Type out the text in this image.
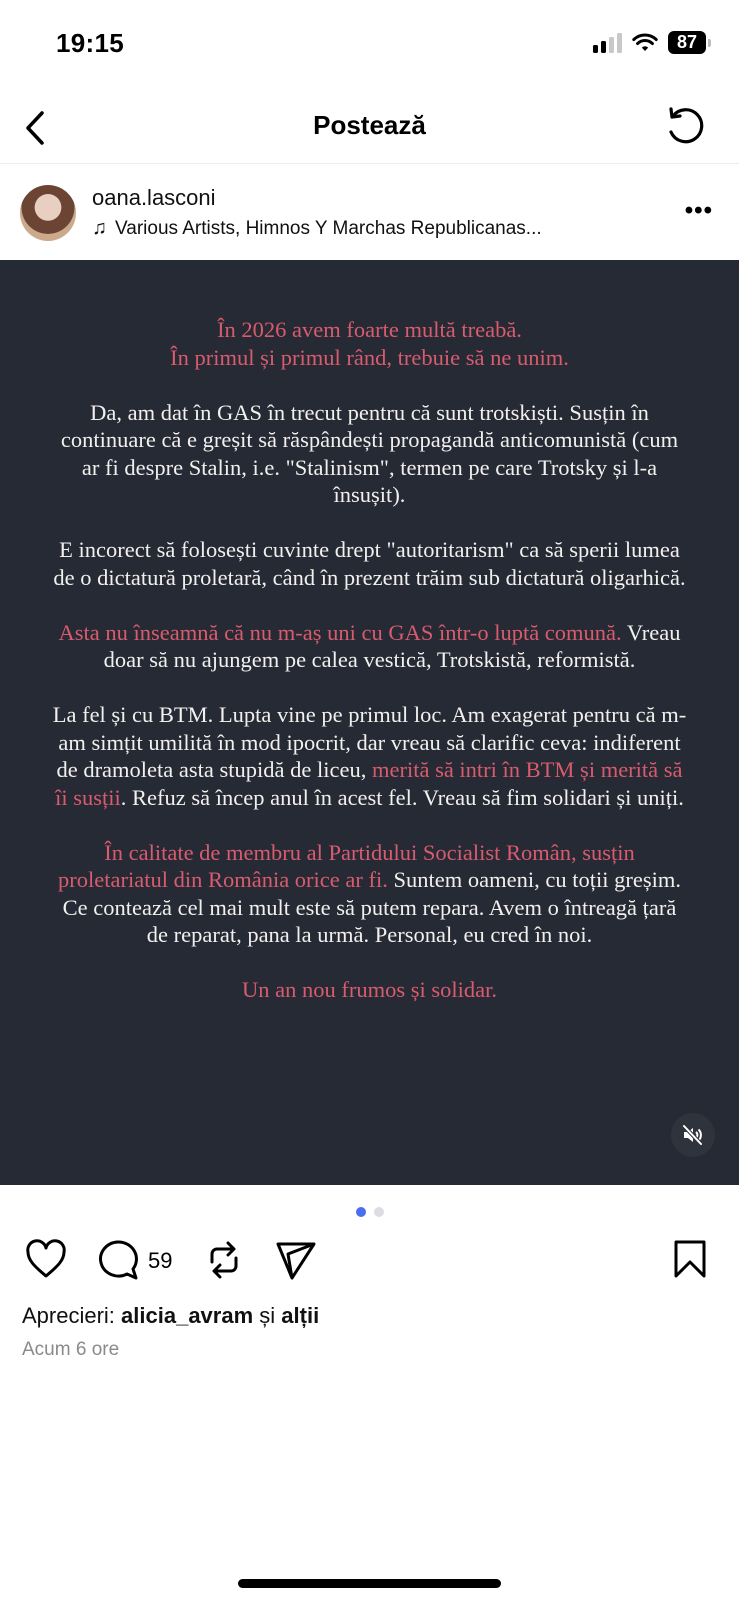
19:15	87
Postează
oana.lasconi
♫ Various Artists, Himnos Y Marchas Republicanas...
•••

În 2026 avem foarte multă treabă.
În primul și primul rând, trebuie să ne unim.

Da, am dat în GAS în trecut pentru că sunt trotskiști. Susțin în continuare că e greșit să răspândești propagandă anticomunistă (cum ar fi despre Stalin, i.e. "Stalinism", termen pe care Trotsky și l-a însușit).

E incorect să folosești cuvinte drept "autoritarism" ca să sperii lumea de o dictatură proletară, când în prezent trăim sub dictatură oligarhică.

Asta nu înseamnă că nu m-aș uni cu GAS într-o luptă comună. Vreau doar să nu ajungem pe calea vestică, Trotskistă, reformistă.

La fel și cu BTM. Lupta vine pe primul loc. Am exagerat pentru că m-am simțit umilită în mod ipocrit, dar vreau să clarific ceva: indiferent de dramoleta asta stupidă de liceu, merită să intri în BTM și merită să îi susții. Refuz să încep anul în acest fel. Vreau să fim solidari și uniți.

În calitate de membru al Partidului Socialist Român, susțin proletariatul din România orice ar fi. Suntem oameni, cu toții greșim. Ce contează cel mai mult este să putem repara. Avem o întreagă țară de reparat, pana la urmă. Personal, eu cred în noi.

Un an nou frumos și solidar.

59
Aprecieri: alicia_avram și alții
Acum 6 ore
